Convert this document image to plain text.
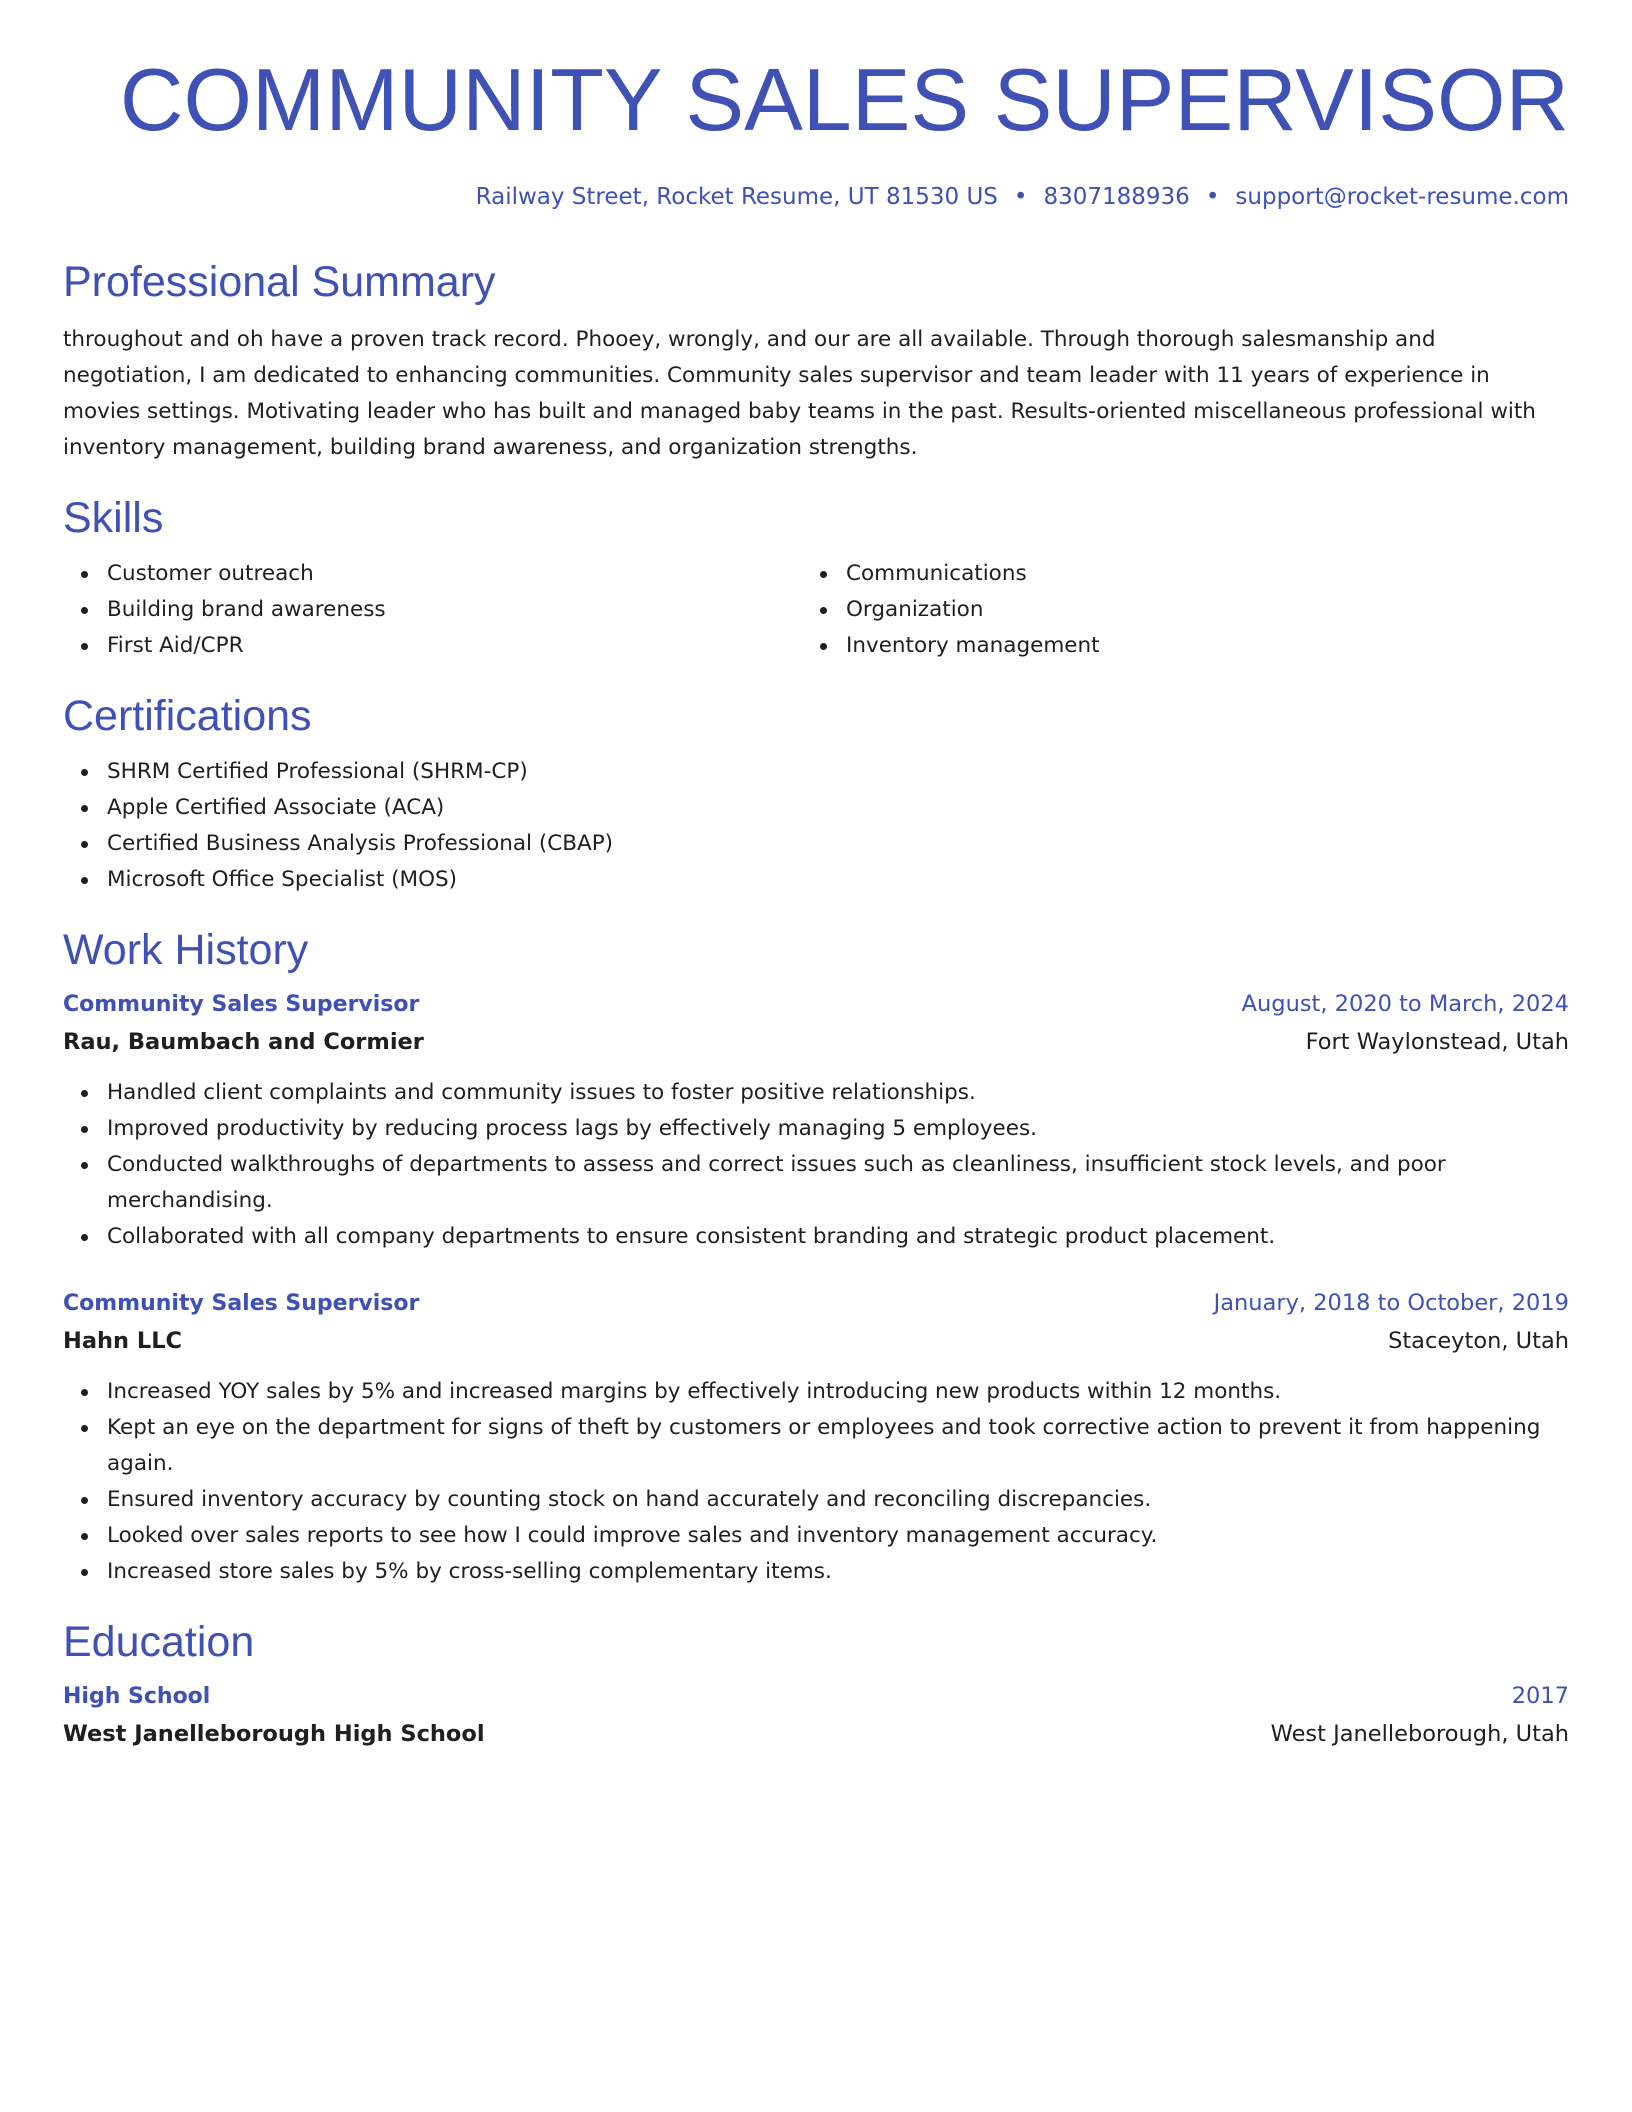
COMMUNITY SALES SUPERVISOR
Railway Street, Rocket Resume, UT 81530 US • 8307188936 • support@rocket-resume.com
Professional Summary

throughout and oh have a proven track record. Phooey, wrongly, and our are all available. Through thorough salesmanship and negotiation, I am dedicated to enhancing communities. Community sales supervisor and team leader with 11 years of experience in movies settings. Motivating leader who has built and managed baby teams in the past. Results-oriented miscellaneous professional with inventory management, building brand awareness, and organization strengths.

Skills
Customer outreach
Building brand awareness
First Aid/CPR
Communications
Organization
Inventory management
Certifications
SHRM Certified Professional (SHRM-CP)
Apple Certified Associate (ACA)
Certified Business Analysis Professional (CBAP)
Microsoft Office Specialist (MOS)
Work History
Community Sales Supervisor	August, 2020 to March, 2024
Rau, Baumbach and Cormier	Fort Waylonstead, Utah
Handled client complaints and community issues to foster positive relationships.
Improved productivity by reducing process lags by effectively managing 5 employees.
Conducted walkthroughs of departments to assess and correct issues such as cleanliness, insufficient stock levels, and poor merchandising.
Collaborated with all company departments to ensure consistent branding and strategic product placement.
Community Sales Supervisor	January, 2018 to October, 2019
Hahn LLC	Staceyton, Utah
Increased YOY sales by 5% and increased margins by effectively introducing new products within 12 months.
Kept an eye on the department for signs of theft by customers or employees and took corrective action to prevent it from happening again.
Ensured inventory accuracy by counting stock on hand accurately and reconciling discrepancies.
Looked over sales reports to see how I could improve sales and inventory management accuracy.
Increased store sales by 5% by cross-selling complementary items.
Education
High School	2017
West Janelleborough High School	West Janelleborough, Utah
